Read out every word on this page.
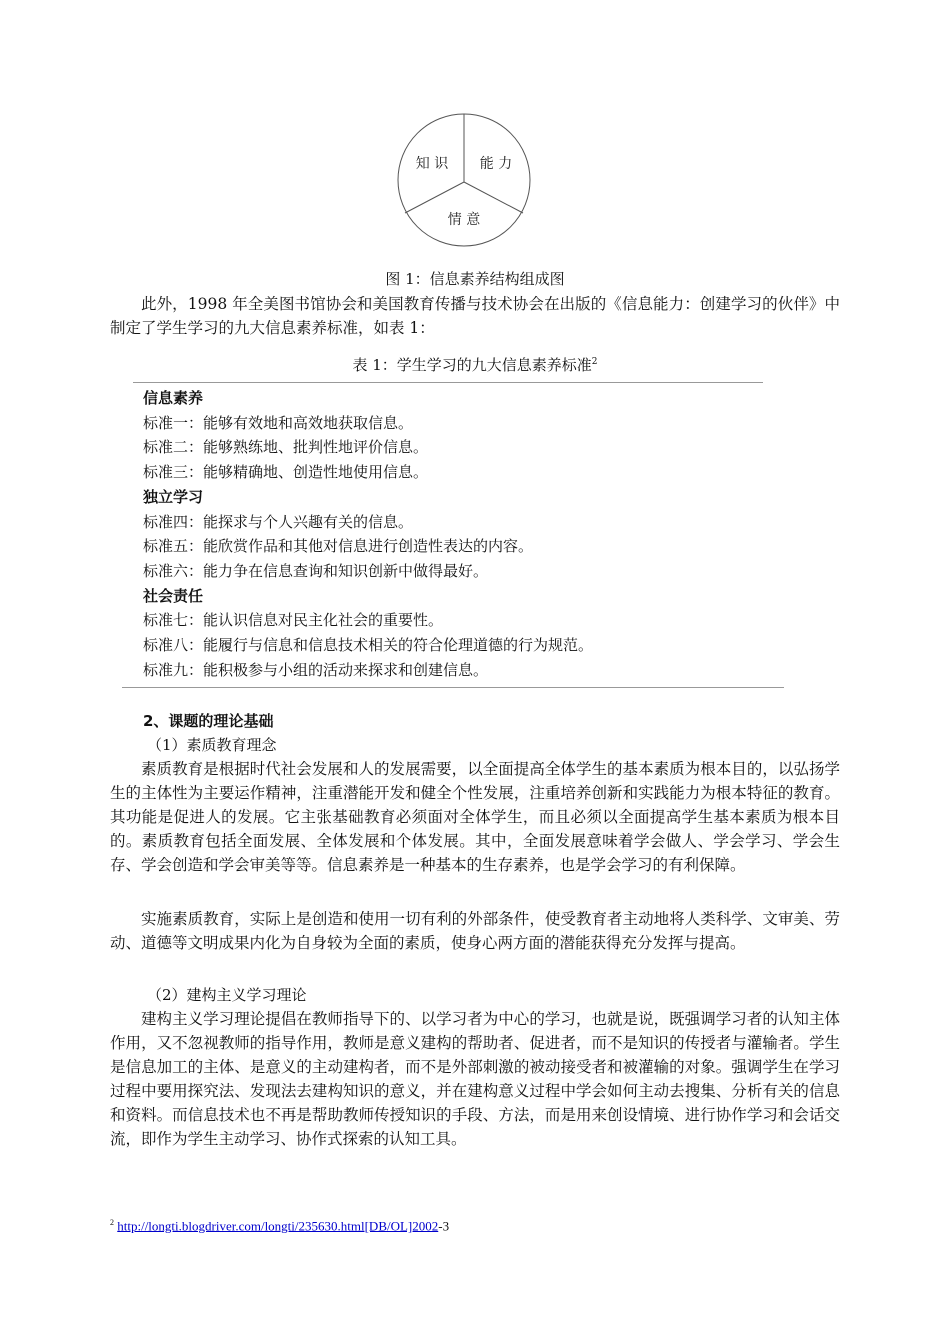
知 识 能 力
情 意
图 1：信息素养结构组成图

此外，1998 年全美图书馆协会和美国教育传播与技术协会在出版的《信息能力：创建学习的伙伴》中制定了学生学习的九大信息素养标准，如表 1：

表 1：学生学习的九大信息素养标准$^2$
信息素养
标准一：能够有效地和高效地获取信息。
标准二：能够熟练地、批判性地评价信息。
标准三：能够精确地、创造性地使用信息。
独立学习
标准四：能探求与个人兴趣有关的信息。
标准五：能欣赏作品和其他对信息进行创造性表达的内容。
标准六：能力争在信息查询和知识创新中做得最好。
社会责任
标准七：能认识信息对民主化社会的重要性。
标准八：能履行与信息和信息技术相关的符合伦理道德的行为规范。
标准九：能积极参与小组的活动来探求和创建信息。
2、课题的理论基础
（1）素质教育理念

素质教育是根据时代社会发展和人的发展需要，以全面提高全体学生的基本素质为根本目的，以弘扬学生的主体性为主要运作精神，注重潜能开发和健全个性发展，注重培养创新和实践能力为根本特征的教育。其功能是促进人的发展。它主张基础教育必须面对全体学生，而且必须以全面提高学生基本素质为根本目的。素质教育包括全面发展、全体发展和个体发展。其中，全面发展意味着学会做人、学会学习、学会生存、学会创造和学会审美等等。信息素养是一种基本的生存素养，也是学会学习的有利保障。

实施素质教育，实际上是创造和使用一切有利的外部条件，使受教育者主动地将人类科学、文审美、劳动、道德等文明成果内化为自身较为全面的素质，使身心两方面的潜能获得充分发挥与提高。

（2）建构主义学习理论

建构主义学习理论提倡在教师指导下的、以学习者为中心的学习，也就是说，既强调学习者的认知主体作用，又不忽视教师的指导作用，教师是意义建构的帮助者、促进者，而不是知识的传授者与灌输者。学生是信息加工的主体、是意义的主动建构者，而不是外部刺激的被动接受者和被灌输的对象。强调学生在学习过程中要用探究法、发现法去建构知识的意义，并在建构意义过程中学会如何主动去搜集、分析有关的信息和资料。而信息技术也不再是帮助教师传授知识的手段、方法，而是用来创设情境、进行协作学习和会话交流，即作为学生主动学习、协作式探索的认知工具。

$^2$ http://longti.blogdriver.com/longti/235630.html[DB/OL]2002-3
